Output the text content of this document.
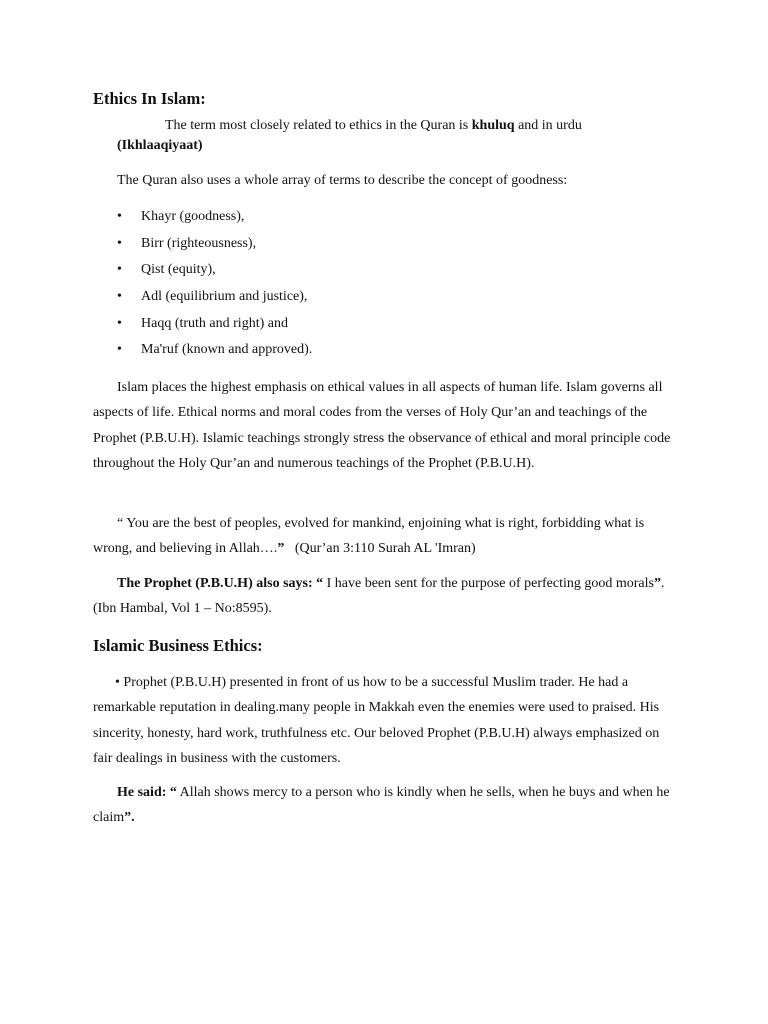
Ethics In Islam:

The term most closely related to ethics in the Quran is khuluq and in urdu

(Ikhlaaqiyaat)

The Quran also uses a whole array of terms to describe the concept of goodness:

• Khayr (goodness),
• Birr (righteousness),
• Qist (equity),
• Adl (equilibrium and justice),
• Haqq (truth and right) and
• Ma'ruf (known and approved).

Islam places the highest emphasis on ethical values in all aspects of human life. Islam governs all aspects of life. Ethical norms and moral codes from the verses of Holy Qur’an and teachings of the Prophet (P.B.U.H). Islamic teachings strongly stress the observance of ethical and moral principle code throughout the Holy Qur’an and numerous teachings of the Prophet (P.B.U.H).

“ You are the best of peoples, evolved for mankind, enjoining what is right, forbidding what is wrong, and believing in Allah….”   (Qur’an 3:110 Surah AL 'Imran)

The Prophet (P.B.U.H) also says: “ I have been sent for the purpose of perfecting good morals”. (Ibn Hambal, Vol 1 – No:8595).

Islamic Business Ethics:

• Prophet (P.B.U.H) presented in front of us how to be a successful Muslim trader. He had a remarkable reputation in dealing.many people in Makkah even the enemies were used to praised. His sincerity, honesty, hard work, truthfulness etc. Our beloved Prophet (P.B.U.H) always emphasized on fair dealings in business with the customers.

He said: “ Allah shows mercy to a person who is kindly when he sells, when he buys and when he claim”.
